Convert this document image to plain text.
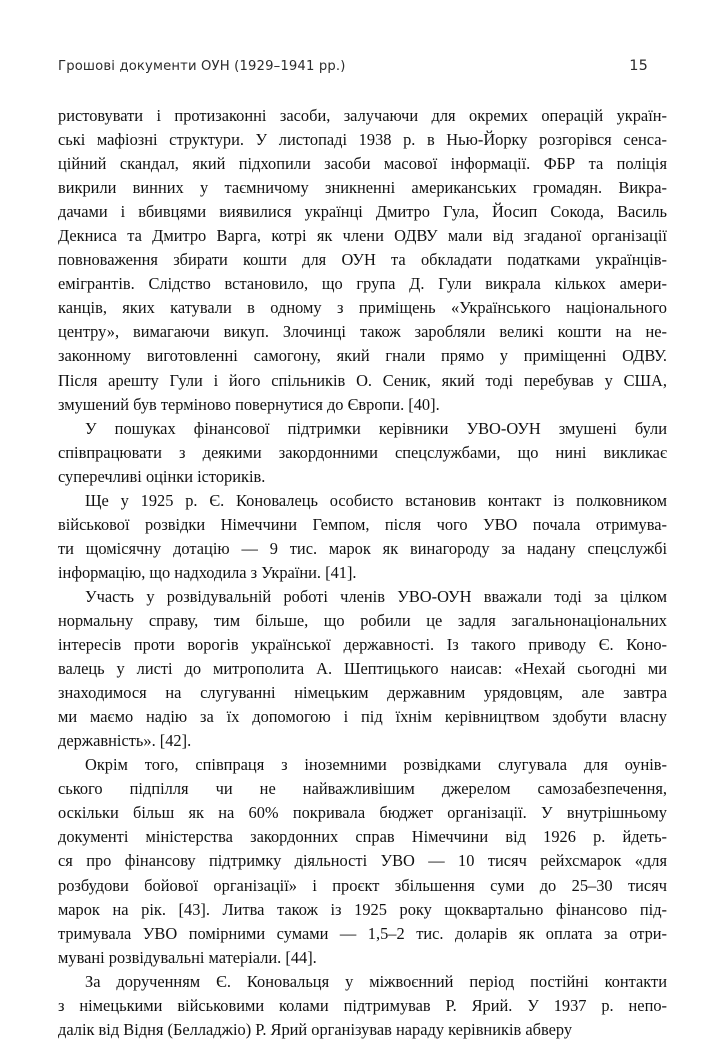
Грошові документи ОУН (1929–1941 рр.)	15

ристовувати і протизаконні засоби, залучаючи для окремих операцій україн-
ські мафіозні структури. У листопаді 1938 р. в Нью-Йорку розгорівся сенса-
ційний скандал, який підхопили засоби масової інформації. ФБР та поліція
викрили винних у таємничому зникненні американських громадян. Викра-
дачами і вбивцями виявилися українці Дмитро Гула, Йосип Сокода, Василь
Декниса та Дмитро Варга, котрі як члени ОДВУ мали від згаданої організації
повноваження збирати кошти для ОУН та обкладати податками українців-
емігрантів. Слідство встановило, що група Д. Гули викрала кількох амери-
канців, яких катували в одному з приміщень «Українського національного
центру», вимагаючи викуп. Злочинці також заробляли великі кошти на не-
законному виготовленні самогону, який гнали прямо у приміщенні ОДВУ.
Після арешту Гули і його спільників О. Сеник, який тоді перебував у США,
змушений був терміново повернутися до Європи. [40].

У пошуках фінансової підтримки керівники УВО-ОУН змушені були
співпрацювати з деякими закордонними спецслужбами, що нині викликає
суперечливі оцінки істориків.

Ще у 1925 р. Є. Коновалець особисто встановив контакт із полковником
військової розвідки Німеччини Гемпом, після чого УВО почала отримува-
ти щомісячну дотацію — 9 тис. марок як винагороду за надану спецслужбі
інформацію, що надходила з України. [41].

Участь у розвідувальній роботі членів УВО-ОУН вважали тоді за цілком
нормальну справу, тим більше, що робили це задля загальнонаціональних
інтересів проти ворогів української державності. Із такого приводу Є. Коно-
валець у листі до митрополита А. Шептицького наисав: «Нехай сьогодні ми
знаходимося на слугуванні німецьким державним урядовцям, але завтра
ми маємо надію за їх допомогою і під їхнім керівництвом здобути власну
державність». [42].

Окрім того, співпраця з іноземними розвідками слугувала для оунів-
ського підпілля чи не найважливішим джерелом самозабезпечення,
оскільки більш як на 60% покривала бюджет організації. У внутрішньому
документі міністерства закордонних справ Німеччини від 1926 р. йдеть-
ся про фінансову підтримку діяльності УВО — 10 тисяч рейхсмарок «для
розбудови бойової організації» і проєкт збільшення суми до 25–30 тисяч
марок на рік. [43]. Литва також із 1925 року щоквартально фінансово під-
тримувала УВО помірними сумами — 1,5–2 тис. доларів як оплата за отри-
мувані розвідувальні матеріали. [44].

За дорученням Є. Коновальця у міжвоєнний період постійні контакти
з німецькими військовими колами підтримував Р. Ярий. У 1937 р. непо-
далік від Відня (Белладжіо) Р. Ярий організував нараду керівників абверу
